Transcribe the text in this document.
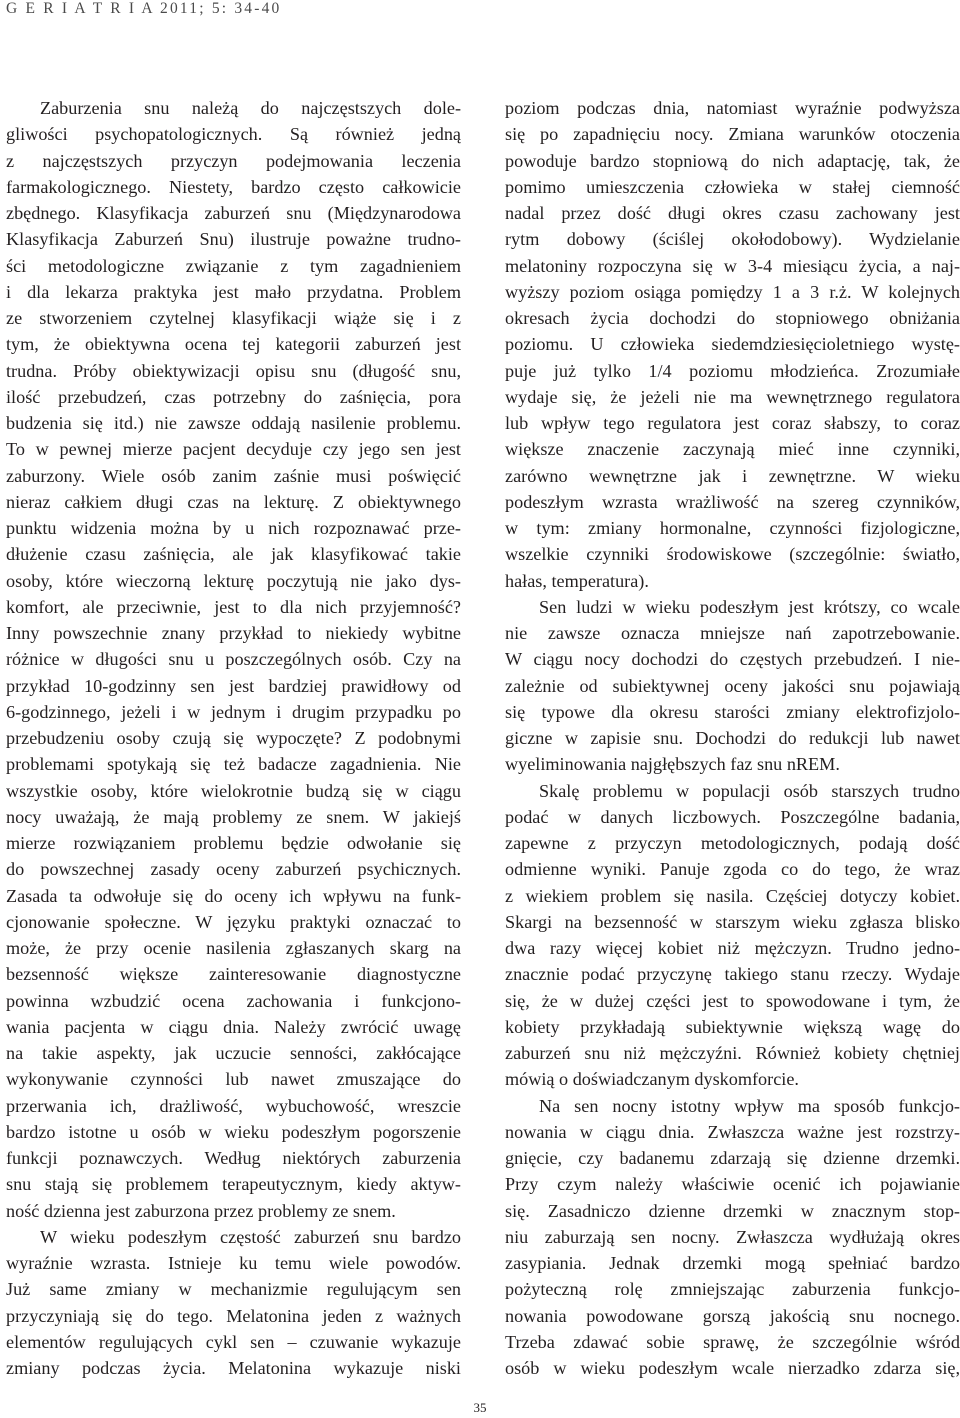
G E R I A T R I A 2011; 5: 34-40
Zaburzenia snu należą do najczęstszych dole-
gliwości psychopatologicznych. Są również jedną
z najczęstszych przyczyn podejmowania leczenia
farmakologicznego. Niestety, bardzo często całkowicie
zbędnego. Klasyfikacja zaburzeń snu (Międzynarodowa
Klasyfikacja Zaburzeń Snu) ilustruje poważne trudno-
ści metodologiczne związanie z tym zagadnieniem
i dla lekarza praktyka jest mało przydatna. Problem
ze stworzeniem czytelnej klasyfikacji wiąże się i z
tym, że obiektywna ocena tej kategorii zaburzeń jest
trudna. Próby obiektywizacji opisu snu (długość snu,
ilość przebudzeń, czas potrzebny do zaśnięcia, pora
budzenia się itd.) nie zawsze oddają nasilenie problemu.
To w pewnej mierze pacjent decyduje czy jego sen jest
zaburzony. Wiele osób zanim zaśnie musi poświęcić
nieraz całkiem długi czas na lekturę. Z obiektywnego
punktu widzenia można by u nich rozpoznawać prze-
dłużenie czasu zaśnięcia, ale jak klasyfikować takie
osoby, które wieczorną lekturę poczytują nie jako dys-
komfort, ale przeciwnie, jest to dla nich przyjemność?
Inny powszechnie znany przykład to niekiedy wybitne
różnice w długości snu u poszczególnych osób. Czy na
przykład 10-godzinny sen jest bardziej prawidłowy od
6-godzinnego, jeżeli i w jednym i drugim przypadku po
przebudzeniu osoby czują się wypoczęte? Z podobnymi
problemami spotykają się też badacze zagadnienia. Nie
wszystkie osoby, które wielokrotnie budzą się w ciągu
nocy uważają, że mają problemy ze snem. W jakiejś
mierze rozwiązaniem problemu będzie odwołanie się
do powszechnej zasady oceny zaburzeń psychicznych.
Zasada ta odwołuje się do oceny ich wpływu na funk-
cjonowanie społeczne. W języku praktyki oznaczać to
może, że przy ocenie nasilenia zgłaszanych skarg na
bezsenność większe zainteresowanie diagnostyczne
powinna wzbudzić ocena zachowania i funkcjono-
wania pacjenta w ciągu dnia. Należy zwrócić uwagę
na takie aspekty, jak uczucie senności, zakłócające
wykonywanie czynności lub nawet zmuszające do
przerwania ich, drażliwość, wybuchowość, wreszcie
bardzo istotne u osób w wieku podeszłym pogorszenie
funkcji poznawczych. Według niektórych zaburzenia
snu stają się problemem terapeutycznym, kiedy aktyw-
ność dzienna jest zaburzona przez problemy ze snem.
W wieku podeszłym częstość zaburzeń snu bardzo
wyraźnie wzrasta. Istnieje ku temu wiele powodów.
Już same zmiany w mechanizmie regulującym sen
przyczyniają się do tego. Melatonina jeden z ważnych
elementów regulujących cykl sen – czuwanie wykazuje
zmiany podczas życia. Melatonina wykazuje niski
poziom podczas dnia, natomiast wyraźnie podwyższa
się po zapadnięciu nocy. Zmiana warunków otoczenia
powoduje bardzo stopniową do nich adaptację, tak, że
pomimo umieszczenia człowieka w stałej ciemność
nadal przez dość długi okres czasu zachowany jest
rytm dobowy (ściślej okołodobowy). Wydzielanie
melatoniny rozpoczyna się w 3-4 miesiącu życia, a naj-
wyższy poziom osiąga pomiędzy 1 a 3 r.ż. W kolejnych
okresach życia dochodzi do stopniowego obniżania
poziomu. U człowieka siedemdziesięcioletniego wystę-
puje już tylko 1/4 poziomu młodzieńca. Zrozumiałe
wydaje się, że jeżeli nie ma wewnętrznego regulatora
lub wpływ tego regulatora jest coraz słabszy, to coraz
większe znaczenie zaczynają mieć inne czynniki,
zarówno wewnętrzne jak i zewnętrzne. W wieku
podeszłym wzrasta wrażliwość na szereg czynników,
w tym: zmiany hormonalne, czynności fizjologiczne,
wszelkie czynniki środowiskowe (szczególnie: światło,
hałas, temperatura).
Sen ludzi w wieku podeszłym jest krótszy, co wcale
nie zawsze oznacza mniejsze nań zapotrzebowanie.
W ciągu nocy dochodzi do częstych przebudzeń. I nie-
zależnie od subiektywnej oceny jakości snu pojawiają
się typowe dla okresu starości zmiany elektrofizjolo-
giczne w zapisie snu. Dochodzi do redukcji lub nawet
wyeliminowania najgłębszych faz snu nREM.
Skalę problemu w populacji osób starszych trudno
podać w danych liczbowych. Poszczególne badania,
zapewne z przyczyn metodologicznych, podają dość
odmienne wyniki. Panuje zgoda co do tego, że wraz
z wiekiem problem się nasila. Częściej dotyczy kobiet.
Skargi na bezsenność w starszym wieku zgłasza blisko
dwa razy więcej kobiet niż mężczyzn. Trudno jedno-
znacznie podać przyczynę takiego stanu rzeczy. Wydaje
się, że w dużej części jest to spowodowane i tym, że
kobiety przykładają subiektywnie większą wagę do
zaburzeń snu niż mężczyźni. Również kobiety chętniej
mówią o doświadczanym dyskomforcie.
Na sen nocny istotny wpływ ma sposób funkcjo-
nowania w ciągu dnia. Zwłaszcza ważne jest rozstrzy-
gnięcie, czy badanemu zdarzają się dzienne drzemki.
Przy czym należy właściwie ocenić ich pojawianie
się. Zasadniczo dzienne drzemki w znacznym stop-
niu zaburzają sen nocny. Zwłaszcza wydłużają okres
zasypiania. Jednak drzemki mogą spełniać bardzo
pożyteczną rolę zmniejszając zaburzenia funkcjo-
nowania powodowane gorszą jakością snu nocnego.
Trzeba zdawać sobie sprawę, że szczególnie wśród
osób w wieku podeszłym wcale nierzadko zdarza się,
35
